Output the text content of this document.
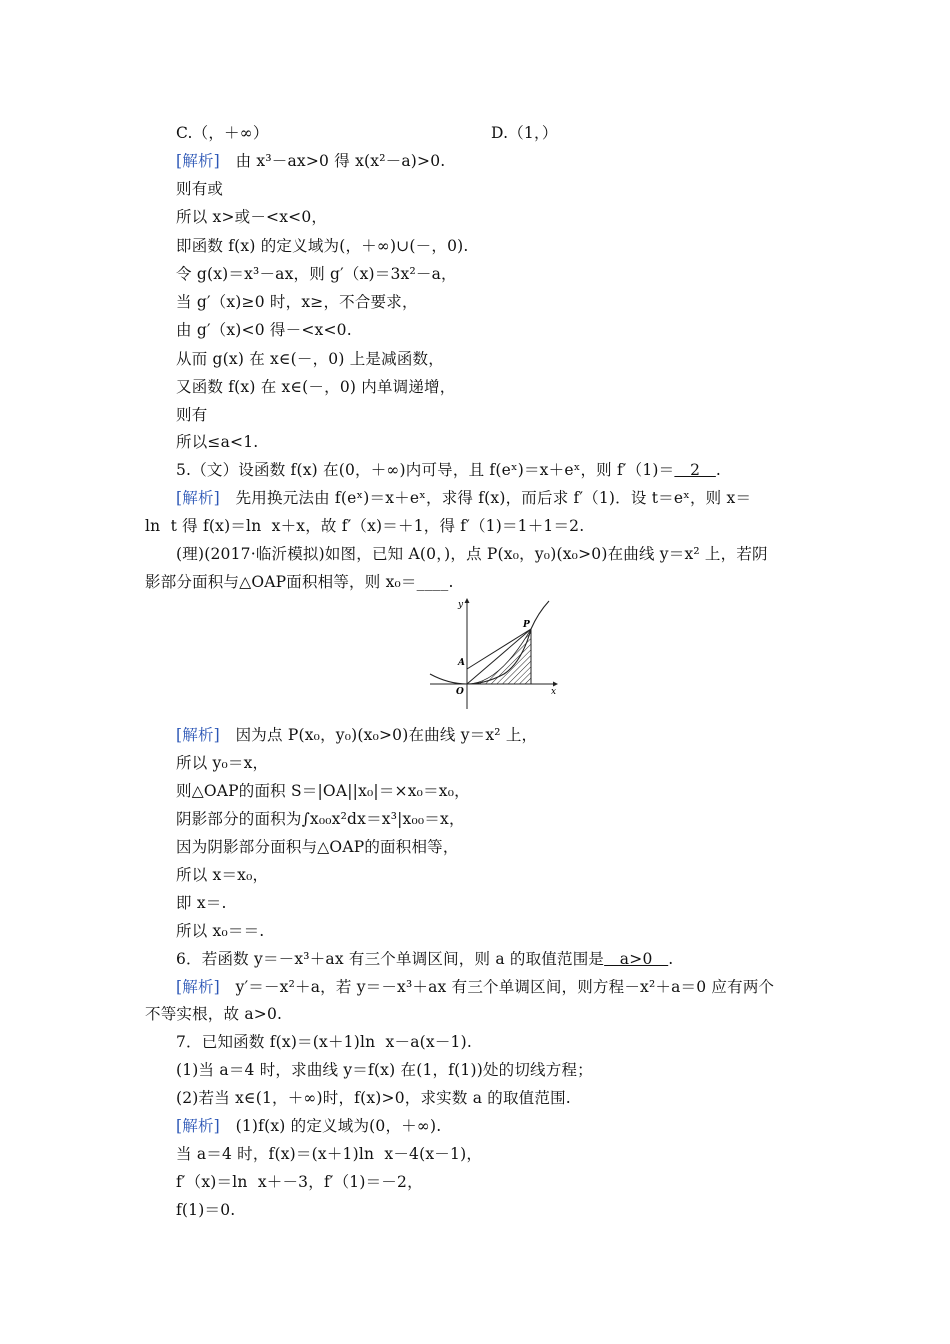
C.（，＋∞）	D.（1，）
[解析]　由 x³－ax>0 得 x(x²－a)>0.
则有或
所以 x>或－<x<0，
即函数 f(x) 的定义域为(，＋∞)∪(－，0).
令 g(x)＝x³－ax，则 g′（x)＝3x²－a，
当 g′（x)≥0 时，x≥，不合要求，
由 g′（x)<0 得－<x<0.
从而 g(x) 在 x∈(－，0) 上是减函数，
又函数 f(x) 在 x∈(－，0) 内单调递增，
则有
所以≤a<1.
5.（文）设函数 f(x) 在(0，＋∞)内可导，且 f(eˣ)＝x＋eˣ，则 f′（1)＝　2　.
[解析]　先用换元法由 f(eˣ)＝x＋eˣ，求得 f(x)，而后求 f′（1)．设 t＝eˣ，则 x＝
ln  t 得 f(x)＝ln  x＋x，故 f′（x)＝＋1，得 f′（1)＝1＋1＝2.
(理)(2017·临沂模拟)如图，已知 A(0，)，点 P(x₀，y₀)(x₀>0)在曲线 y＝x² 上，若阴
影部分面积与△OAP面积相等，则 x₀＝____.
[解析]　因为点 P(x₀，y₀)(x₀>0)在曲线 y＝x² 上，
所以 y₀＝x，
则△OAP的面积 S＝|OA||x₀|＝×x₀＝x₀，
阴影部分的面积为∫x₀₀x²dx＝x³|x₀₀＝x，
因为阴影部分面积与△OAP的面积相等，
所以 x＝x₀，
即 x＝.
所以 x₀＝＝.
6．若函数 y＝－x³＋ax 有三个单调区间，则 a 的取值范围是　a>0　.
[解析]　y′＝－x²＋a，若 y＝－x³＋ax 有三个单调区间，则方程－x²＋a＝0 应有两个
不等实根，故 a>0.
7．已知函数 f(x)＝(x＋1)ln  x－a(x－1).
(1)当 a＝4 时，求曲线 y＝f(x) 在(1，f(1))处的切线方程；
(2)若当 x∈(1，＋∞)时，f(x)>0，求实数 a 的取值范围.
[解析]　(1)f(x) 的定义域为(0，＋∞).
当 a＝4 时，f(x)＝(x＋1)ln  x－4(x－1)，
f′（x)＝ln  x＋－3，f′（1)＝－2，
f(1)＝0.
x
y
P
A
O
